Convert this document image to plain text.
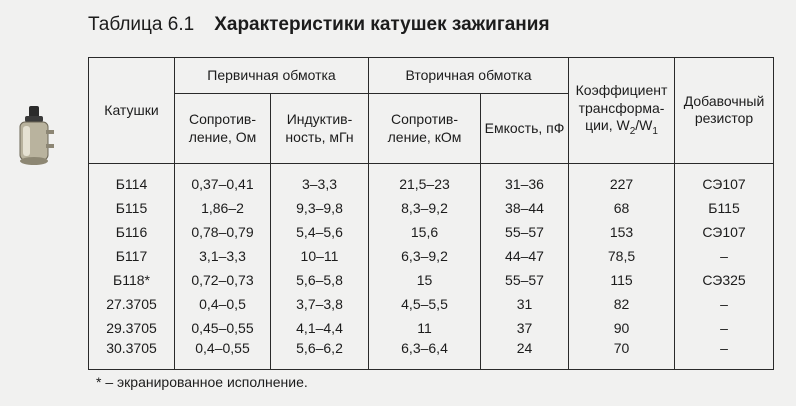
Таблица 6.1 Характеристики катушек зажигания
Катушки	Первичная обмотка		Вторичная обмотка		Коэффициент
трансформа-
ции, $W_2/W_1$	Добавочный
резистор
	Сопротив-
ление, Ом	Индуктив-
ность, мГн	Сопротив-
ление, кОм	Емкость, пФ		

Б114	0,37–0,41	3–3,3	21,5–23	31–36	227	СЭ107
Б115	1,86–2	9,3–9,8	8,3–9,2	38–44	68	Б115
Б116	0,78–0,79	5,4–5,6	15,6	55–57	153	СЭ107
Б117	3,1–3,3	10–11	6,3–9,2	44–47	78,5	–
Б118*	0,72–0,73	5,6–5,8	15	55–57	115	СЭ325
27.3705	0,4–0,5	3,7–3,8	4,5–5,5	31	82	–
29.3705	0,45–0,55	4,1–4,4	11	37	90	–
30.3705	0,4–0,55	5,6–6,2	6,3–6,4	24	70	–
* – экранированное исполнение.
